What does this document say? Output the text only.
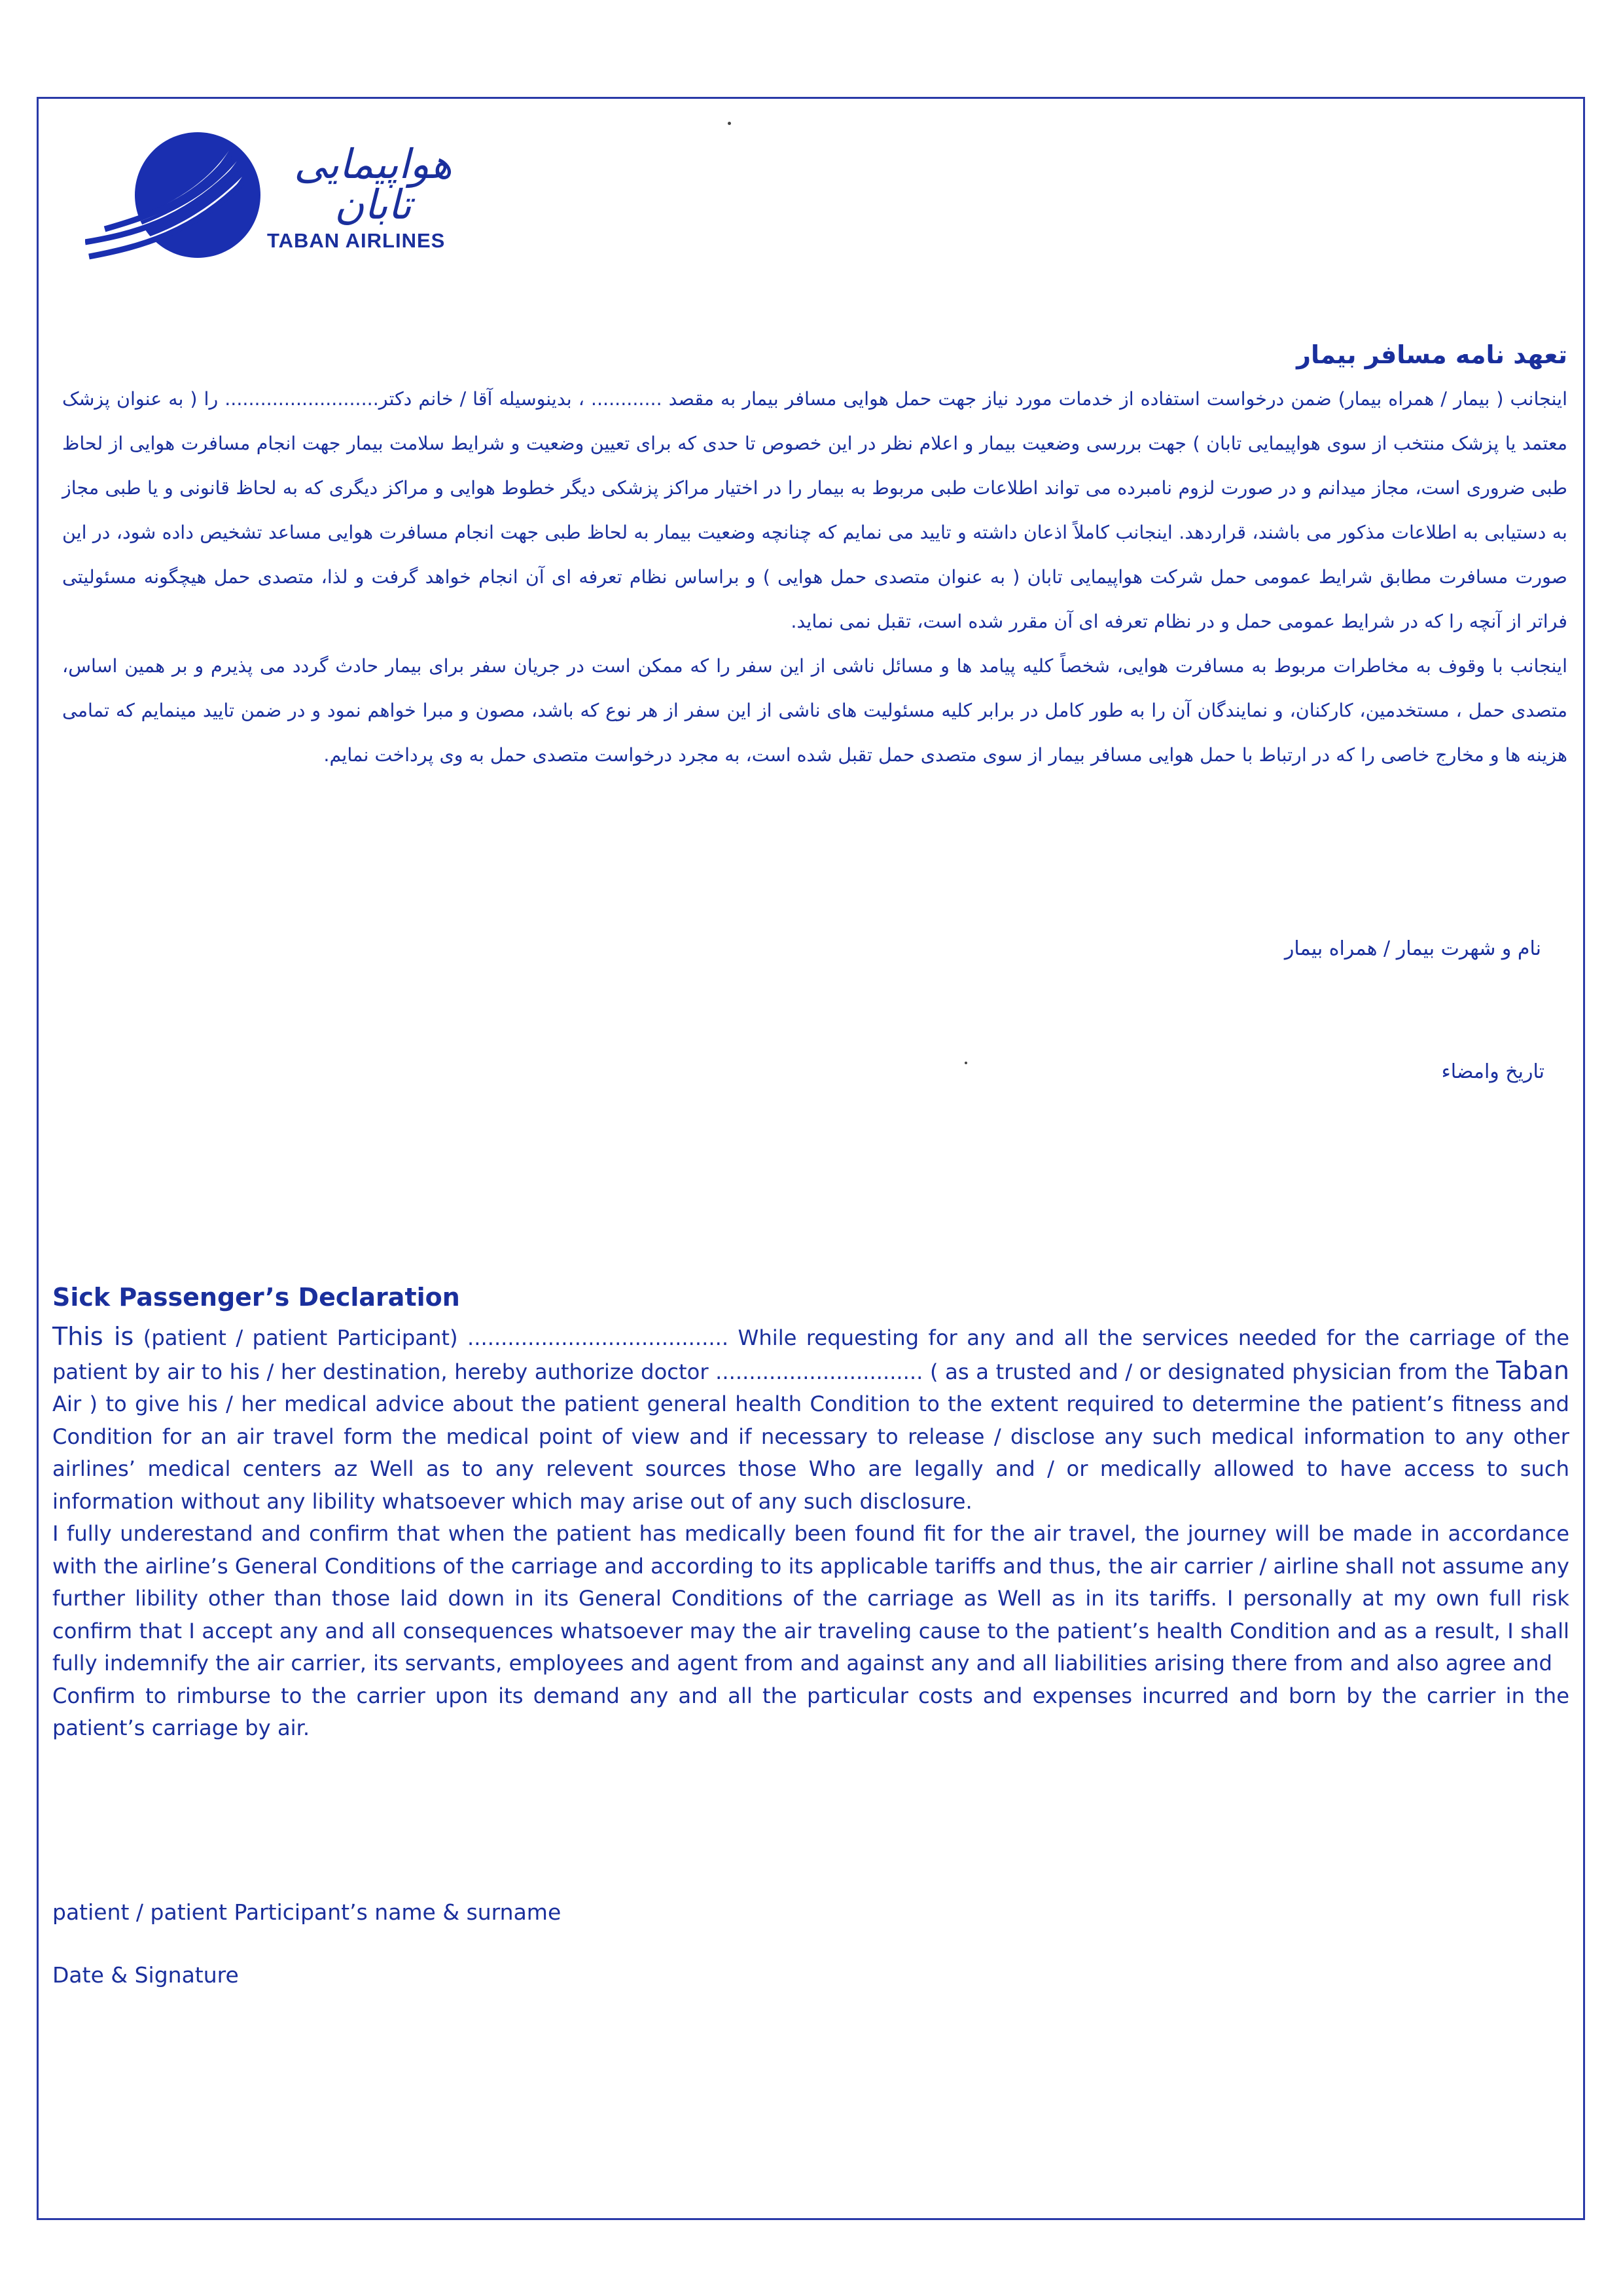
هواپیمایی تابان
TABAN AIRLINES
تعهد نامه مسافر بیمار

اینجانب ( بیمار / همراه بیمار) ضمن درخواست استفاده از خدمات مورد نیاز جهت حمل هوایی مسافر بیمار به مقصد ............ ، بدینوسیله آقا / خانم دکتر.......................... را ( به عنوان پزشک معتمد یا پزشک منتخب از سوی هواپیمایی تابان ) جهت بررسی وضعیت بیمار و اعلام نظر در این خصوص تا حدی که برای تعیین وضعیت و شرایط سلامت بیمار جهت انجام مسافرت هوایی از لحاظ طبی ضروری است، مجاز میدانم و در صورت لزوم نامبرده می تواند اطلاعات طبی مربوط به بیمار را در اختیار مراکز پزشکی دیگر خطوط هوایی و مراکز دیگری که به لحاظ قانونی و یا طبی مجاز به دستیابی به اطلاعات مذکور می باشند، قراردهد. اینجانب کاملاً اذعان داشته و تایید می نمایم که چنانچه وضعیت بیمار به لحاظ طبی جهت انجام مسافرت هوایی مساعد تشخیص داده شود، در این صورت مسافرت مطابق شرایط عمومی حمل شرکت هواپیمایی تابان ( به عنوان متصدی حمل هوایی ) و براساس نظام تعرفه ای آن انجام خواهد گرفت و لذا، متصدی حمل هیچگونه مسئولیتی فراتر از آنچه را که در شرایط عمومی حمل و در نظام تعرفه ای آن مقرر شده است، تقبل نمی نماید.

اینجانب با وقوف به مخاطرات مربوط به مسافرت هوایی، شخصاً کلیه پیامد ها و مسائل ناشی از این سفر را که ممکن است در جریان سفر برای بیمار حادث گردد می پذیرم و بر همین اساس، متصدی حمل ، مستخدمین، کارکنان، و نمایندگان آن را به طور کامل در برابر کلیه مسئولیت های ناشی از این سفر از هر نوع که باشد، مصون و مبرا خواهم نمود و در ضمن تایید مینمایم که تمامی هزینه ها و مخارج خاصی را که در ارتباط با حمل هوایی مسافر بیمار از سوی متصدی حمل تقبل شده است، به مجرد درخواست متصدی حمل به وی پرداخت نمایم.

نام و شهرت بیمار / همراه بیمار
تاریخ وامضاء
Sick Passenger’s Declaration

This is (patient / patient Participant) ....................................... While requesting for any and all the services needed for the carriage of the patient by air to his / her destination, hereby authorize doctor ............................... ( as a trusted and / or designated physician from the Taban Air ) to give his / her medical advice about the patient general health Condition to the extent required to determine the patient’s fitness and Condition for an air travel form the medical point of view and if necessary to release / disclose any such medical information to any other airlines’ medical centers az Well as to any relevent sources those Who are legally and / or medically allowed to have access to such information without any libility whatsoever which may arise out of any such disclosure.

I fully underestand and confirm that when the patient has medically been found fit for the air travel, the journey will be made in accordance with the airline’s General Conditions of the carriage and according to its applicable tariffs and thus, the air carrier / airline shall not assume any further libility other than those laid down in its General Conditions of the carriage as Well as in its tariffs. I personally at my own full risk confirm that I accept any and all consequences whatsoever may the air traveling cause to the patient’s health Condition and as a result, I shall fully indemnify the air carrier, its servants, employees and agent from and against any and all liabilities arising there from and also agree and

Confirm to rimburse to the carrier upon its demand any and all the particular costs and expenses incurred and born by the carrier in the patient’s carriage by air.

patient / patient Participant’s name & surname
Date & Signature
